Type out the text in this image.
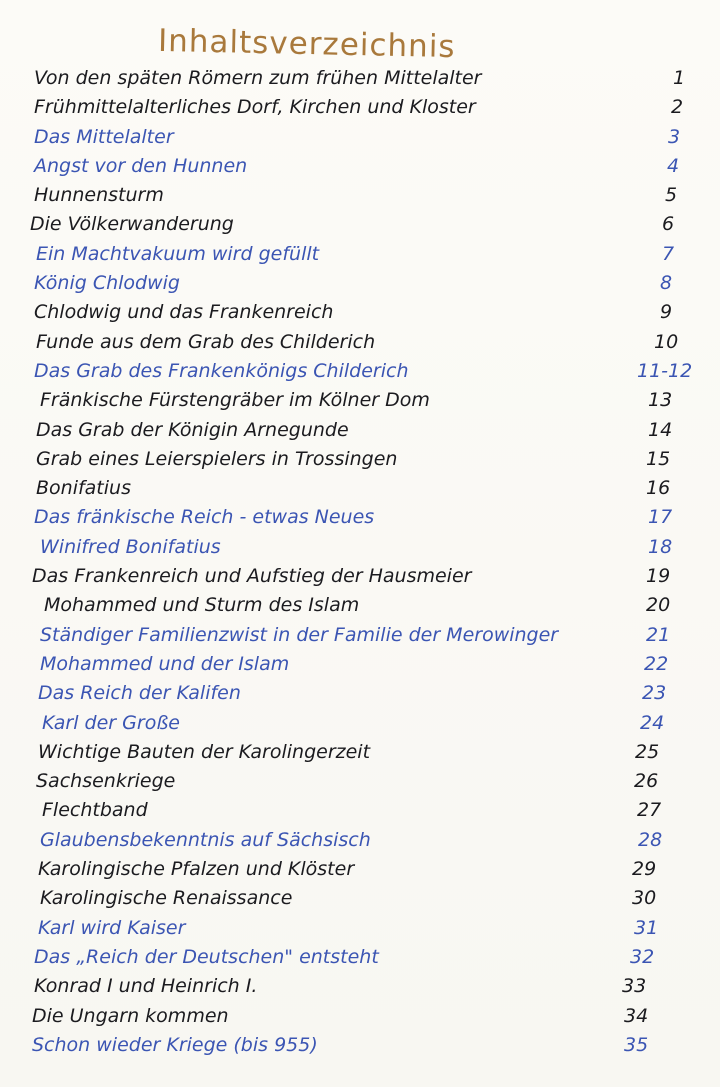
Inhaltsverzeichnis
Von den späten Römern zum frühen Mittelalter	1
Frühmittelalterliches Dorf, Kirchen und Kloster	2
Das Mittelalter	3
Angst vor den Hunnen	4
Hunnensturm	5
Die Völkerwanderung	6
Ein Machtvakuum wird gefüllt	7
König Chlodwig	8
Chlodwig und das Frankenreich	9
Funde aus dem Grab des Childerich	10
Das Grab des Frankenkönigs Childerich	11-12
Fränkische Fürstengräber im Kölner Dom	13
Das Grab der Königin Arnegunde	14
Grab eines Leierspielers in Trossingen	15
Bonifatius	16
Das fränkische Reich - etwas Neues	17
Winifred Bonifatius	18
Das Frankenreich und Aufstieg der Hausmeier	19
Mohammed und Sturm des Islam	20
Ständiger Familienzwist in der Familie der Merowinger	21
Mohammed und der Islam	22
Das Reich der Kalifen	23
Karl der Große	24
Wichtige Bauten der Karolingerzeit	25
Sachsenkriege	26
Flechtband	27
Glaubensbekenntnis auf Sächsisch	28
Karolingische Pfalzen und Klöster	29
Karolingische Renaissance	30
Karl wird Kaiser	31
Das „Reich der Deutschen" entsteht	32
Konrad I und Heinrich I.	33
Die Ungarn kommen	34
Schon wieder Kriege (bis 955)	35
